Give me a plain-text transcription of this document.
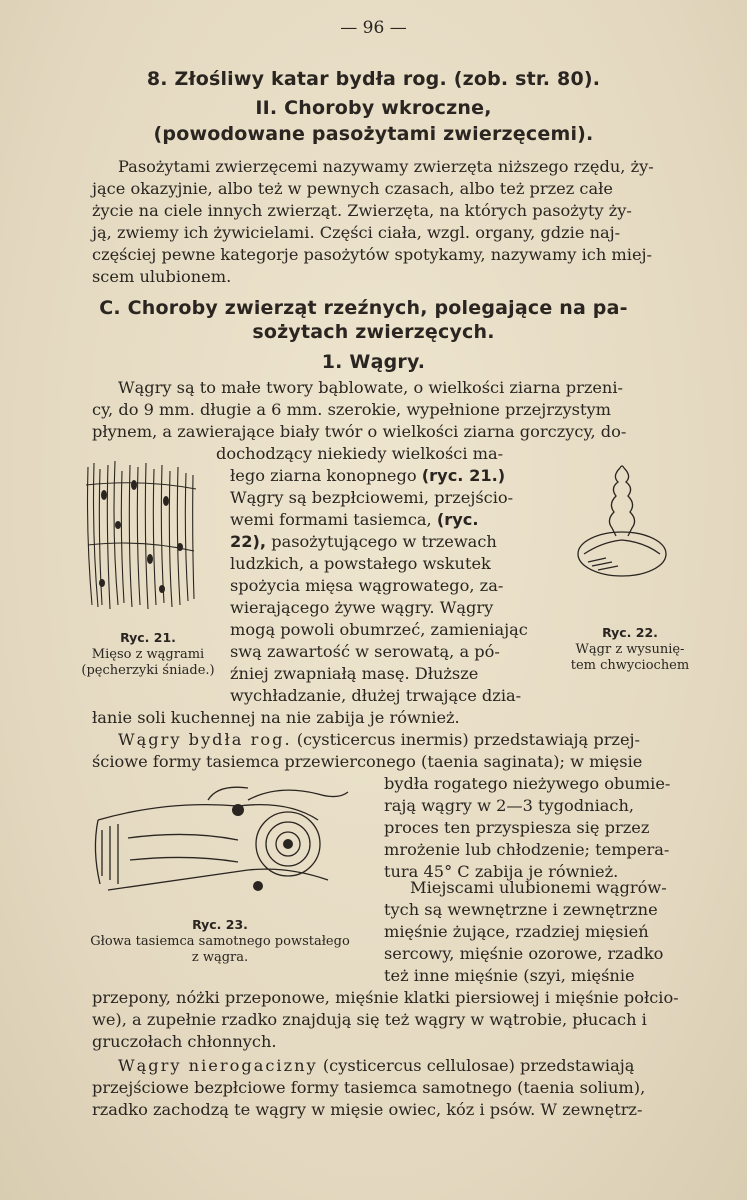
— 96 —
8. Złośliwy katar bydła rog. (zob. str. 80).
II. Choroby wkroczne,
(powodowane pasożytami zwierzęcemi).
Pasożytami zwierzęcemi nazywamy zwierzęta niższego rzędu, ży-
jące okazyjnie, albo też w pewnych czasach, albo też przez całe
życie na ciele innych zwierząt. Zwierzęta, na których pasożyty ży-
ją, zwiemy ich żywicielami. Części ciała, wzgl. organy, gdzie naj-
częściej pewne kategorje pasożytów spotykamy, nazywamy ich miej-
scem ulubionem.
C. Choroby zwierząt rzeźnych, polegające na pa-
sożytach zwierzęcych.
1. Wągry.
Wągry są to małe twory bąblowate, o wielkości ziarna przeni-
cy, do 9 mm. długie a 6 mm. szerokie, wypełnione przejrzystym
płynem, a zawierające biały twór o wielkości ziarna gorczycy, do-
dochodzący niekiedy wielkości ma-
łego ziarna konopnego (ryc. 21.)
Wągry są bezpłciowemi, przejścio-
wemi formami tasiemca, (ryc.
22), pasożytującego w trzewach
ludzkich, a powstałego wskutek
spożycia mięsa wągrowatego, za-
wierającego żywe wągry. Wągry
mogą powoli obumrzeć, zamieniając
swą zawartość w serowatą, a pó-
źniej zwapniałą masę. Dłuższe
wychładzanie, dłużej trwające dzia-
łanie soli kuchennej na nie zabija je również.
Ryc. 21.
Mięso z wągrami
(pęcherzyki śniade.)
Ryc. 22.
Wągr z wysunię-
tem chwyciochem
Wągry bydła rog. (cysticercus inermis) przedstawiają przej-
ściowe formy tasiemca przewierconego (taenia saginata); w mięsie
bydła rogatego nieżywego obumie-
rają wągry w 2—3 tygodniach,
proces ten przyspiesza się przez
mrożenie lub chłodzenie; tempera-
tura 45° C zabija je również.
Ryc. 23.
Głowa tasiemca samotnego powstałego
z wągra.
Miejscami ulubionemi wągrów-
tych są wewnętrzne i zewnętrzne
mięśnie żujące, rzadziej mięsień
sercowy, mięśnie ozorowe, rzadko
też inne mięśnie (szyi, mięśnie
przepony, nóżki przeponowe, mięśnie klatki piersiowej i mięśnie połcio-
we), a zupełnie rzadko znajdują się też wągry w wątrobie, płucach i
gruczołach chłonnych.
Wągry nierogacizny (cysticercus cellulosae) przedstawiają
przejściowe bezpłciowe formy tasiemca samotnego (taenia solium),
rzadko zachodzą te wągry w mięsie owiec, kóz i psów. W zewnętrz-
